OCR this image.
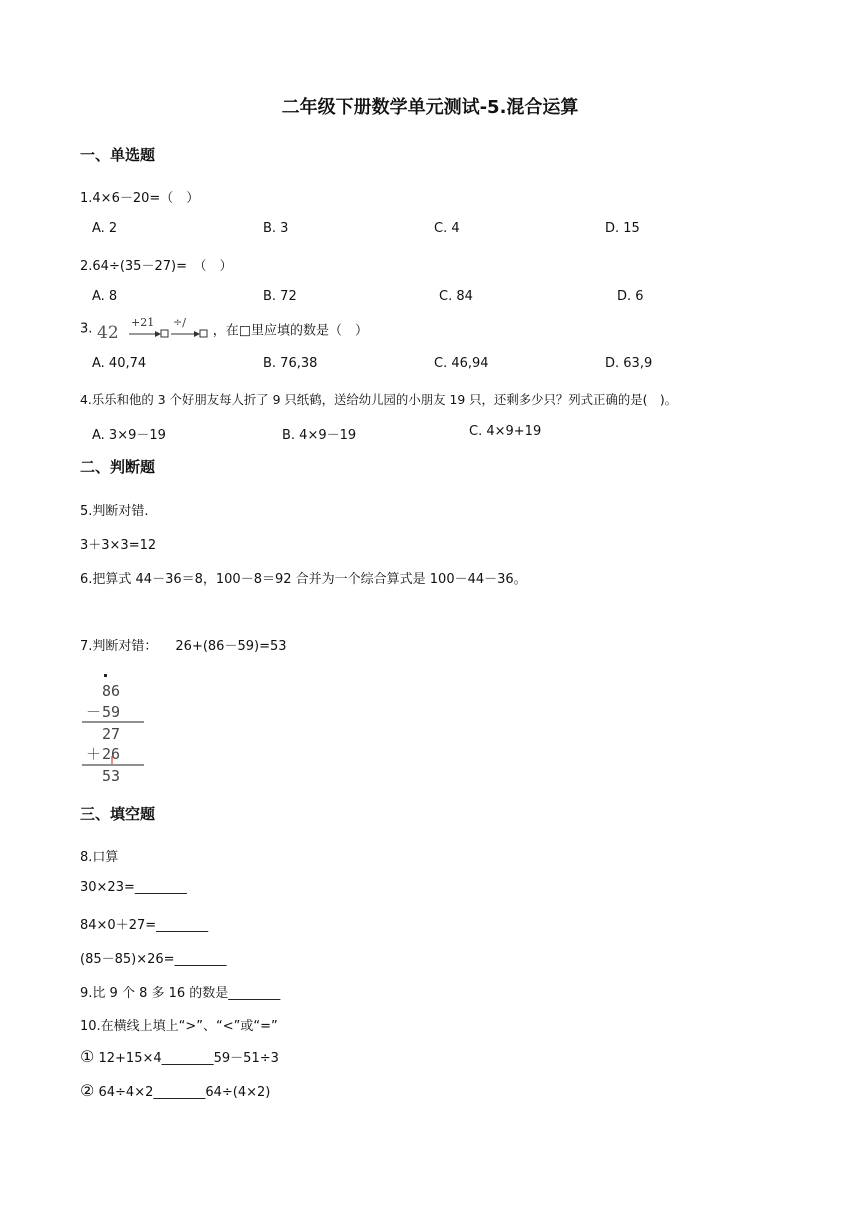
二年级下册数学单元测试-5.混合运算
一、单选题
1.4×6－20=（　）
A. 2	B. 3	C. 4	D. 15
2.64÷(35－27)=　（　）
A. 8	B. 72	C. 84	D. 6
3. 42
+21 ÷/
，在□里应填的数是（　）
A. 40,74	B. 76,38	C. 46,94	D. 63,9
4.乐乐和他的 3 个好朋友每人折了 9 只纸鹤，送给幼儿园的小朋友 19 只，还剩多少只？列式正确的是(　)。
A. 3×9－19	B. 4×9－19	C. 4×9+19
二、判断题
5.判断对错.
3＋3×3=12
6.把算式 44－36＝8，100－8＝92 合并为一个综合算式是 100－44－36。
7.判断对错： 26+(86－59)=53
86
－ 59
27
＋ 26
53
三、填空题
8.口算
30×23=________
84×0＋27=________
(85－85)×26=________
9.比 9 个 8 多 16 的数是________
10.在横线上填上“>”、“<”或“=”
① 12+15×4________59－51÷3
② 64÷4×2________64÷(4×2)
